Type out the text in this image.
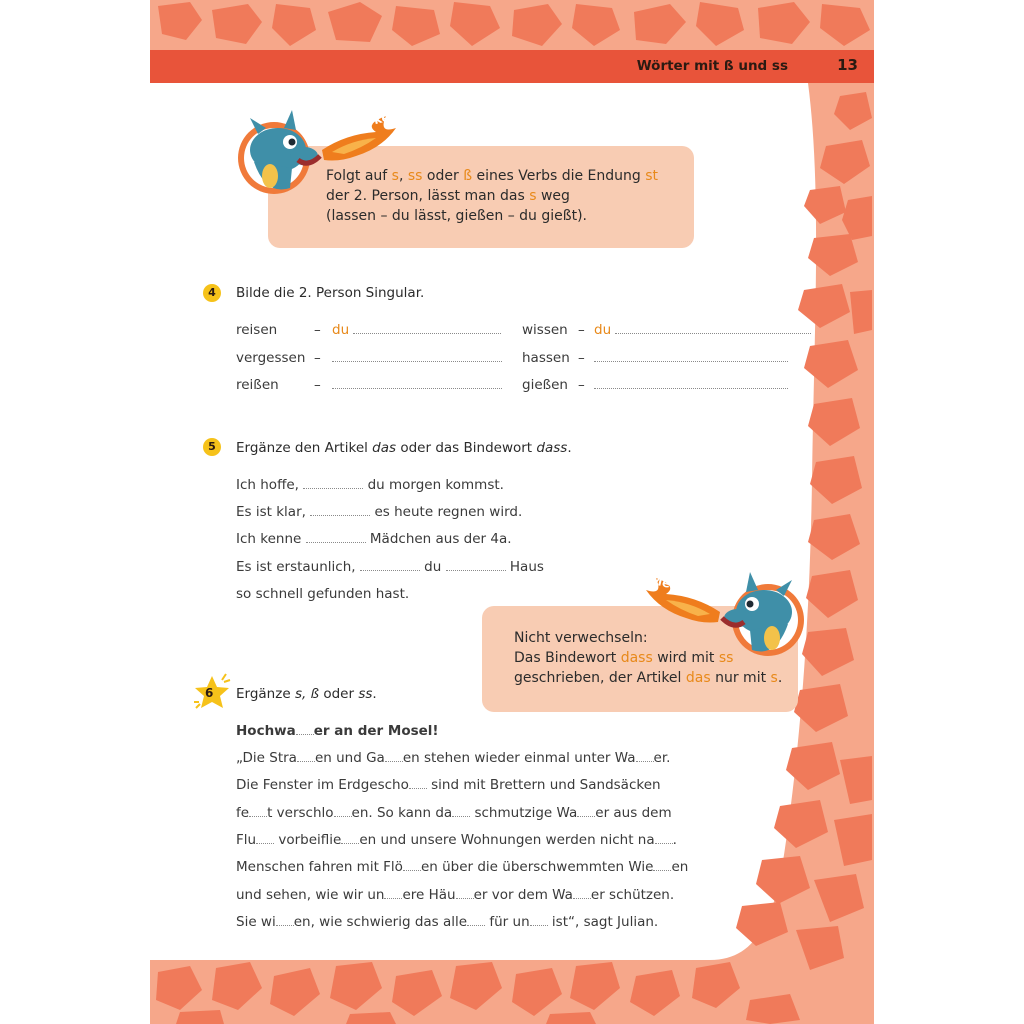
Wörter mit ß und ss	13

Folgt auf s, ss oder ß eines Verbs die Endung st

der 2. Person, lässt man das s weg

(lassen – du lässt, gießen – du gießt).

Merke!
4	Bilde die 2. Person Singular.
reisen	– du	wissen – du
vergessen –	hassen –
reißen	–	gießen –
5	Ergänze den Artikel das oder das Bindewort dass.
Ich hoffe,	du morgen kommst.
Es ist klar,	es heute regnen wird.
Ich kenne	Mädchen aus der 4a.
Es ist erstaunlich,	du	Haus
so schnell gefunden hast.

Nicht verwechseln:

Das Bindewort dass wird mit ss

geschrieben, der Artikel das nur mit s.

Merke!
6 Ergänze s, ß oder ss.
Hochwa er an der Mosel!
„Die Stra en und Ga en stehen wieder einmal unter Wa er.
Die Fenster im Erdgescho sind mit Brettern und Sandsäcken
fe t verschlo en. So kann da schmutzige Wa er aus dem
Flu vorbeiflie en und unsere Wohnungen werden nicht na .
Menschen fahren mit Flö en über die überschwemmten Wie en
und sehen, wie wir un ere Häu er vor dem Wa er schützen.
Sie wi en, wie schwierig das alle für un ist“, sagt Julian.
